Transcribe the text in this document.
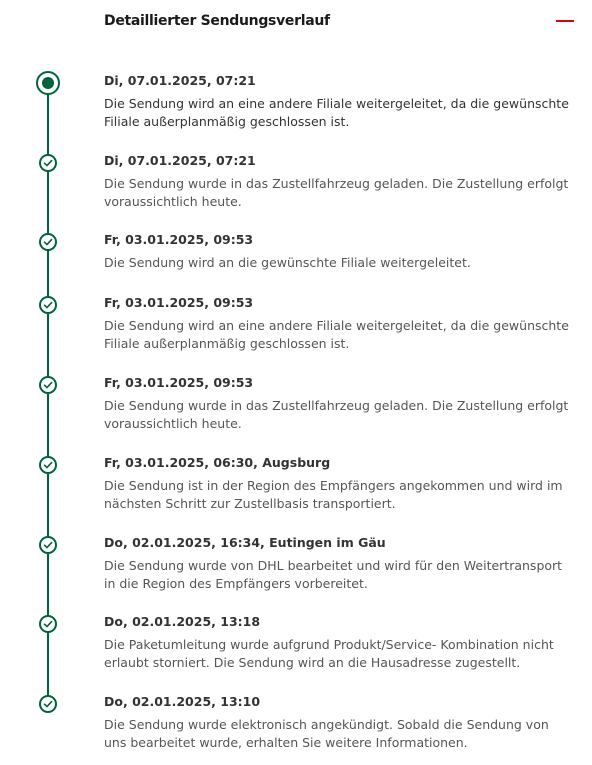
Detaillierter Sendungsverlauf
Di, 07.01.2025, 07:21
Die Sendung wird an eine andere Filiale weitergeleitet, da die gewünschte Filiale außerplanmäßig geschlossen ist.
Di, 07.01.2025, 07:21
Die Sendung wurde in das Zustellfahrzeug geladen. Die Zustellung erfolgt voraussichtlich heute.
Fr, 03.01.2025, 09:53
Die Sendung wird an die gewünschte Filiale weitergeleitet.
Fr, 03.01.2025, 09:53
Die Sendung wird an eine andere Filiale weitergeleitet, da die gewünschte Filiale außerplanmäßig geschlossen ist.
Fr, 03.01.2025, 09:53
Die Sendung wurde in das Zustellfahrzeug geladen. Die Zustellung erfolgt voraussichtlich heute.
Fr, 03.01.2025, 06:30, Augsburg
Die Sendung ist in der Region des Empfängers angekommen und wird im nächsten Schritt zur Zustellbasis transportiert.
Do, 02.01.2025, 16:34, Eutingen im Gäu
Die Sendung wurde von DHL bearbeitet und wird für den Weitertransport in die Region des Empfängers vorbereitet.
Do, 02.01.2025, 13:18
Die Paketumleitung wurde aufgrund Produkt/Service- Kombination nicht erlaubt storniert. Die Sendung wird an die Hausadresse zugestellt.
Do, 02.01.2025, 13:10
Die Sendung wurde elektronisch angekündigt. Sobald die Sendung von uns bearbeitet wurde, erhalten Sie weitere Informationen.
